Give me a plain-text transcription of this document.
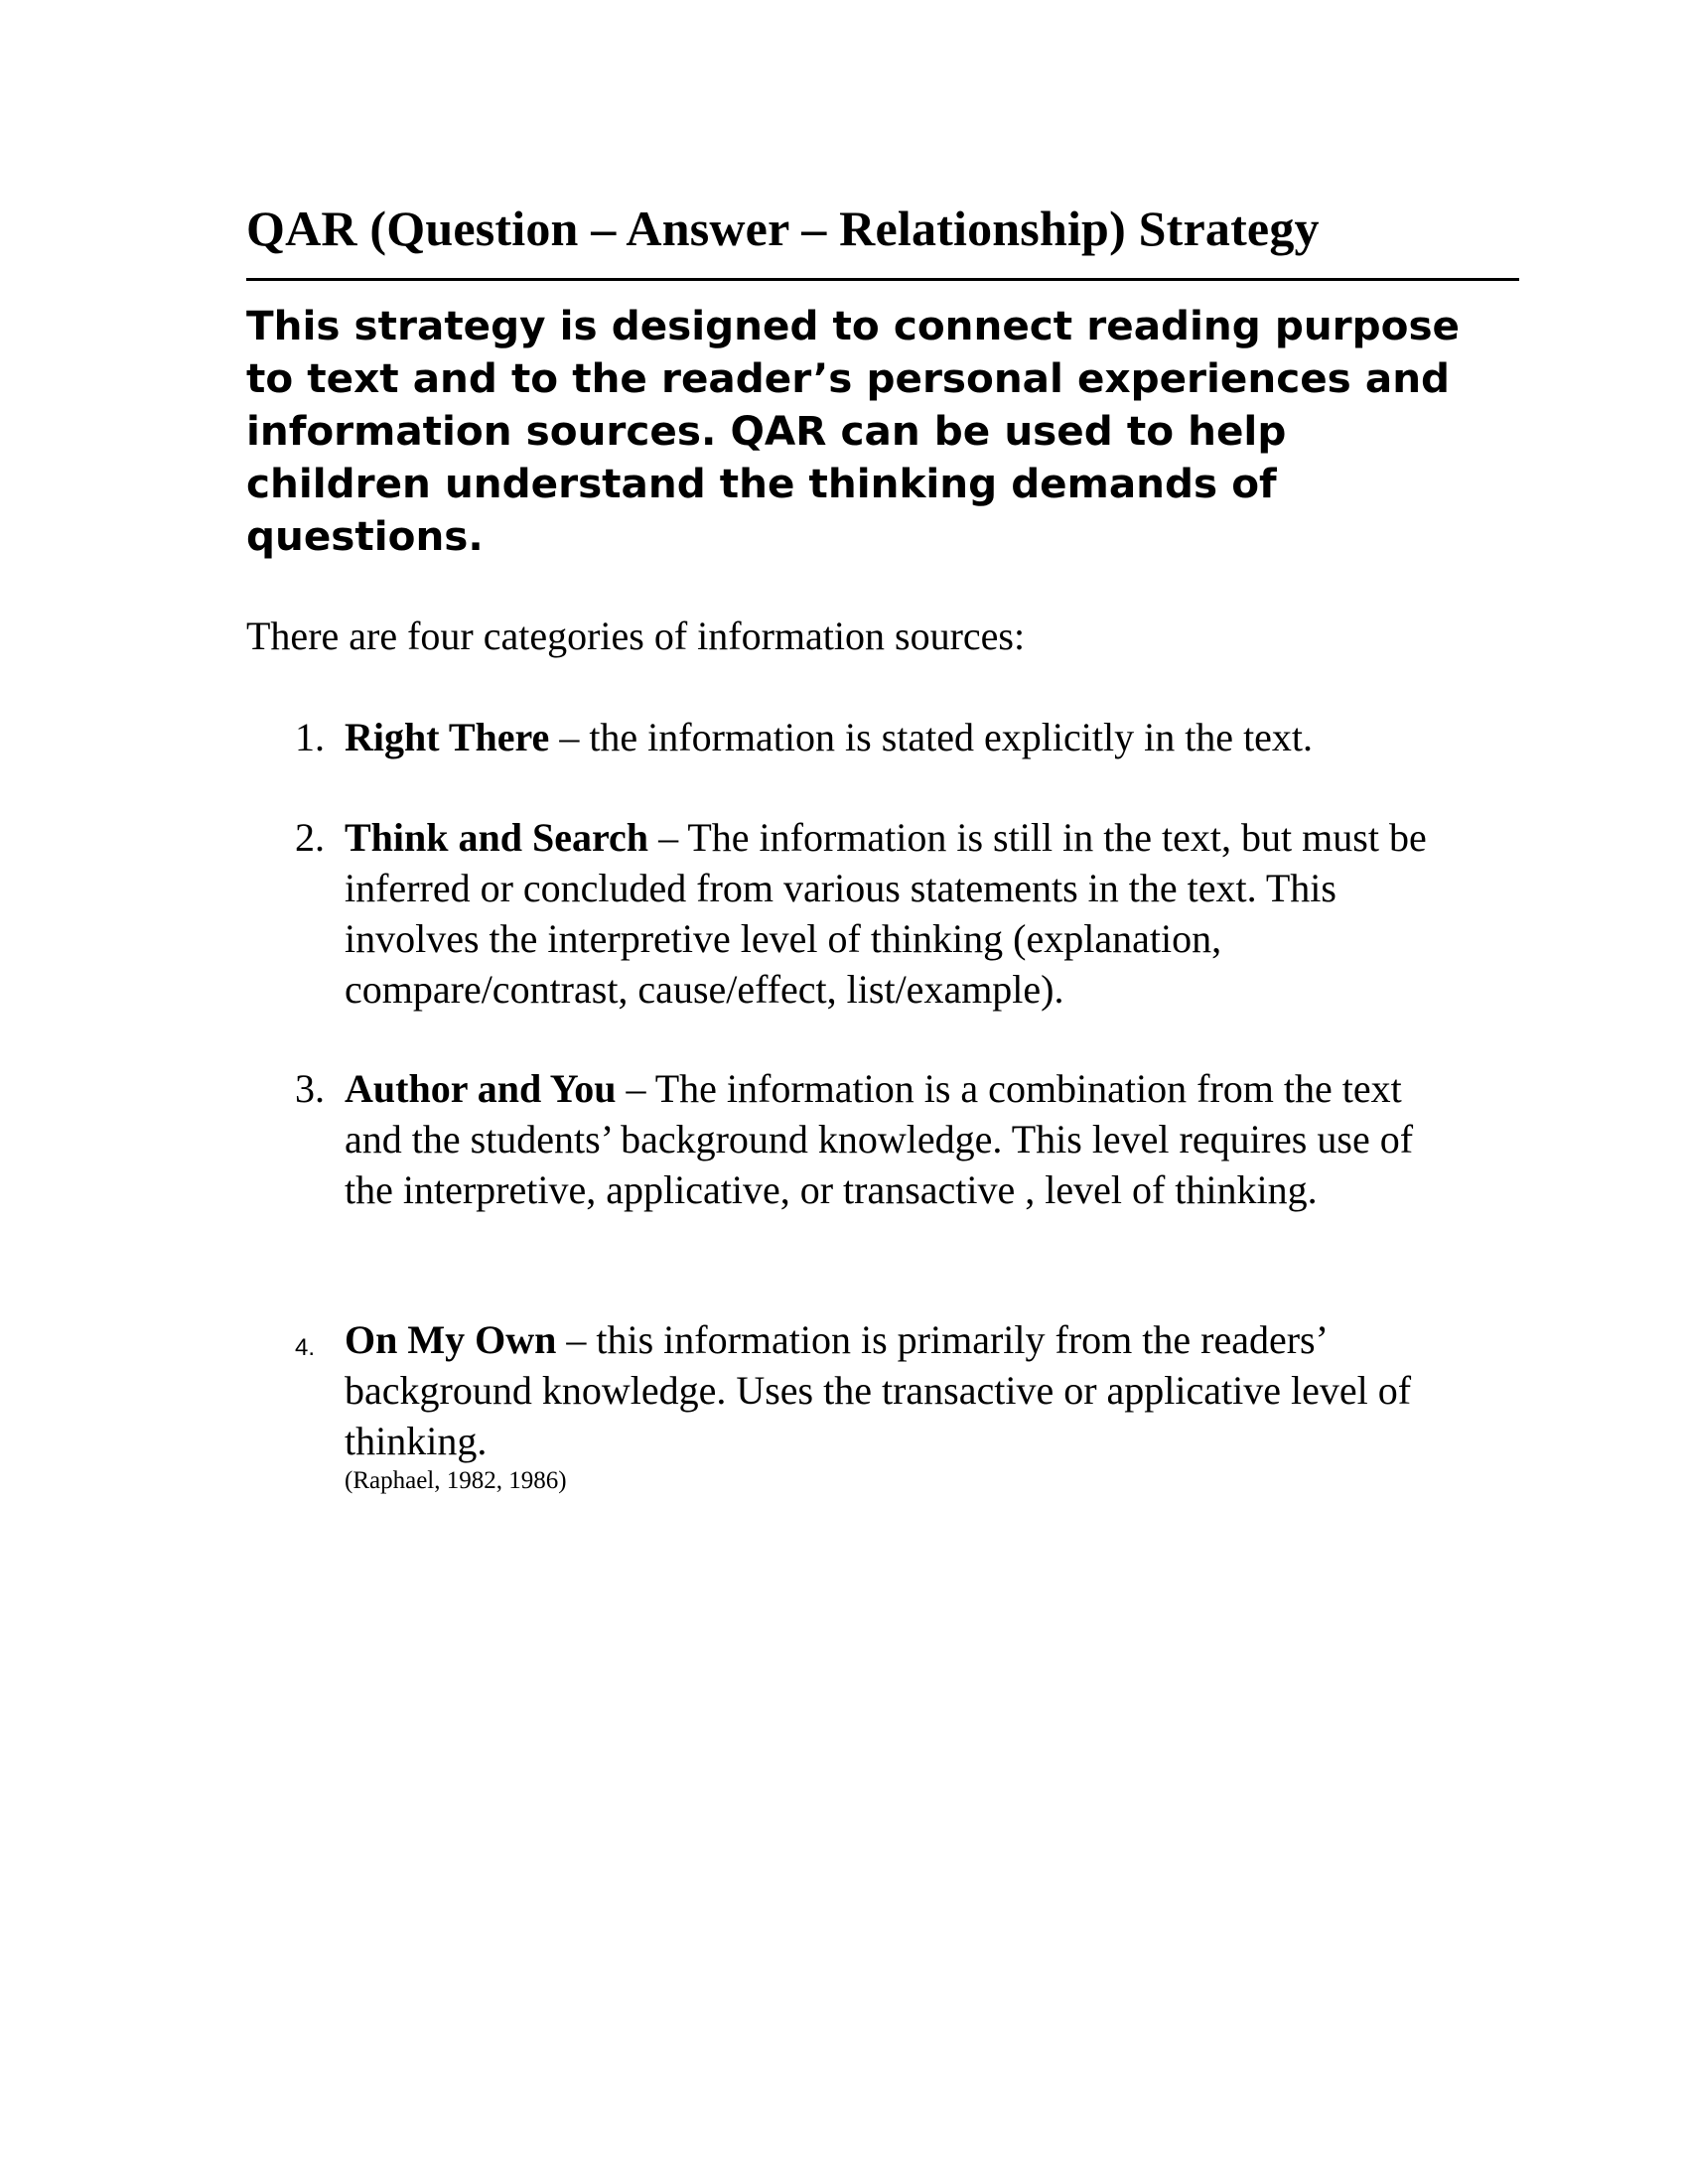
QAR (Question – Answer – Relationship) Strategy

This strategy is designed to connect reading purpose to text and to the reader’s personal experiences and information sources. QAR can be used to help children understand the thinking demands of questions.

There are four categories of information sources:

1. Right There – the information is stated explicitly in the text.
2. Think and Search – The information is still in the text, but must be inferred or concluded from various statements in the text. This involves the interpretive level of thinking (explanation, compare/contrast, cause/effect, list/example).
3. Author and You – The information is a combination from the text and the students’ background knowledge. This level requires use of the interpretive, applicative, or transactive , level of thinking.
4. On My Own – this information is primarily from the readers’ background knowledge. Uses the transactive or applicative level of thinking.
(Raphael, 1982, 1986)
